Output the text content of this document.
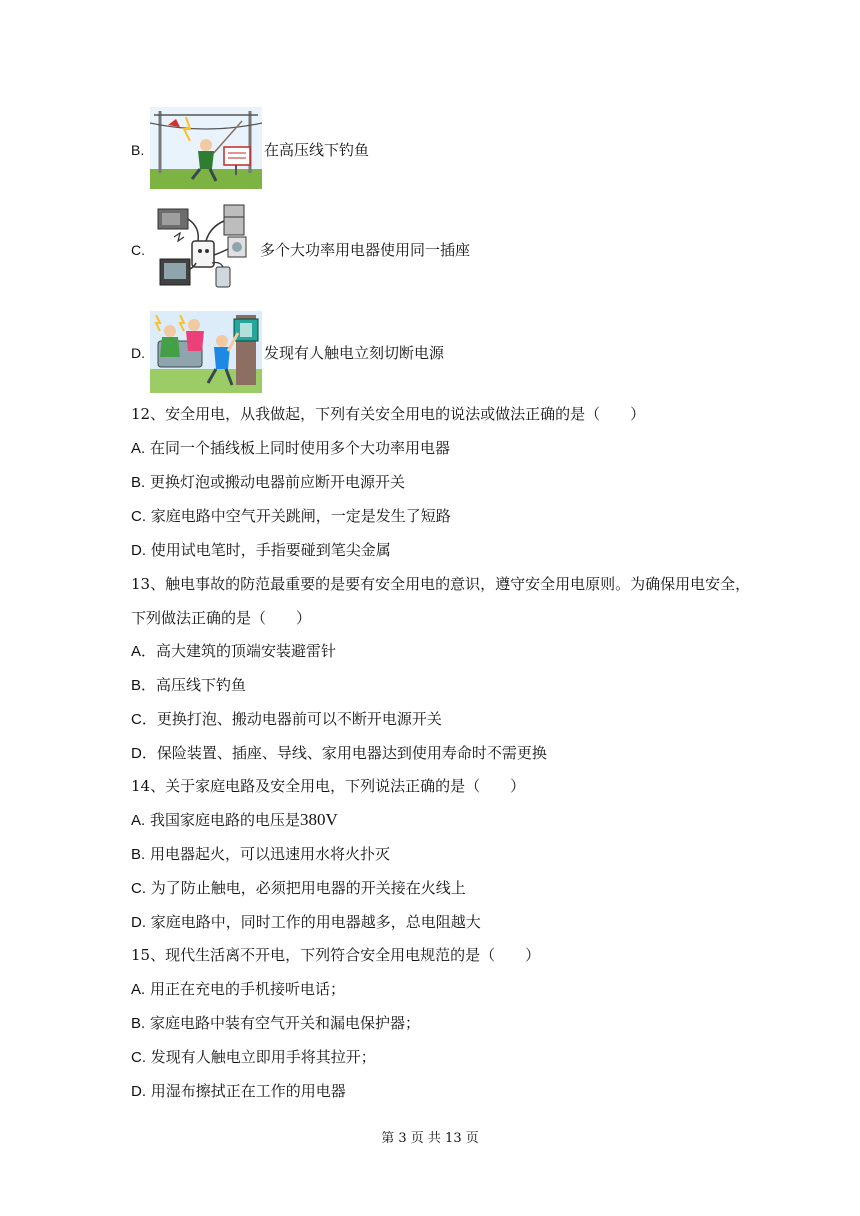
B.	在高压线下钓鱼
C.	多个大功率用电器使用同一插座
D.	发现有人触电立刻切断电源
12、安全用电，从我做起，下列有关安全用电的说法或做法正确的是（　　）
A. 在同一个插线板上同时使用多个大功率用电器
B. 更换灯泡或搬动电器前应断开电源开关
C. 家庭电路中空气开关跳闸，一定是发生了短路
D. 使用试电笔时，手指要碰到笔尖金属
13、触电事故的防范最重要的是要有安全用电的意识，遵守安全用电原则。为确保用电安全，
下列做法正确的是（　　）
A．高大建筑的顶端安装避雷针
B．高压线下钓鱼
C．更换打泡、搬动电器前可以不断开电源开关
D．保险装置、插座、导线、家用电器达到使用寿命时不需更换
14、关于家庭电路及安全用电，下列说法正确的是（　　）
A. 我国家庭电路的电压是380V
B. 用电器起火，可以迅速用水将火扑灭
C. 为了防止触电，必须把用电器的开关接在火线上
D. 家庭电路中，同时工作的用电器越多，总电阻越大
15、现代生活离不开电，下列符合安全用电规范的是（　　）
A. 用正在充电的手机接听电话；
B. 家庭电路中装有空气开关和漏电保护器；
C. 发现有人触电立即用手将其拉开；
D. 用湿布擦拭正在工作的用电器
第 3 页 共 13 页
